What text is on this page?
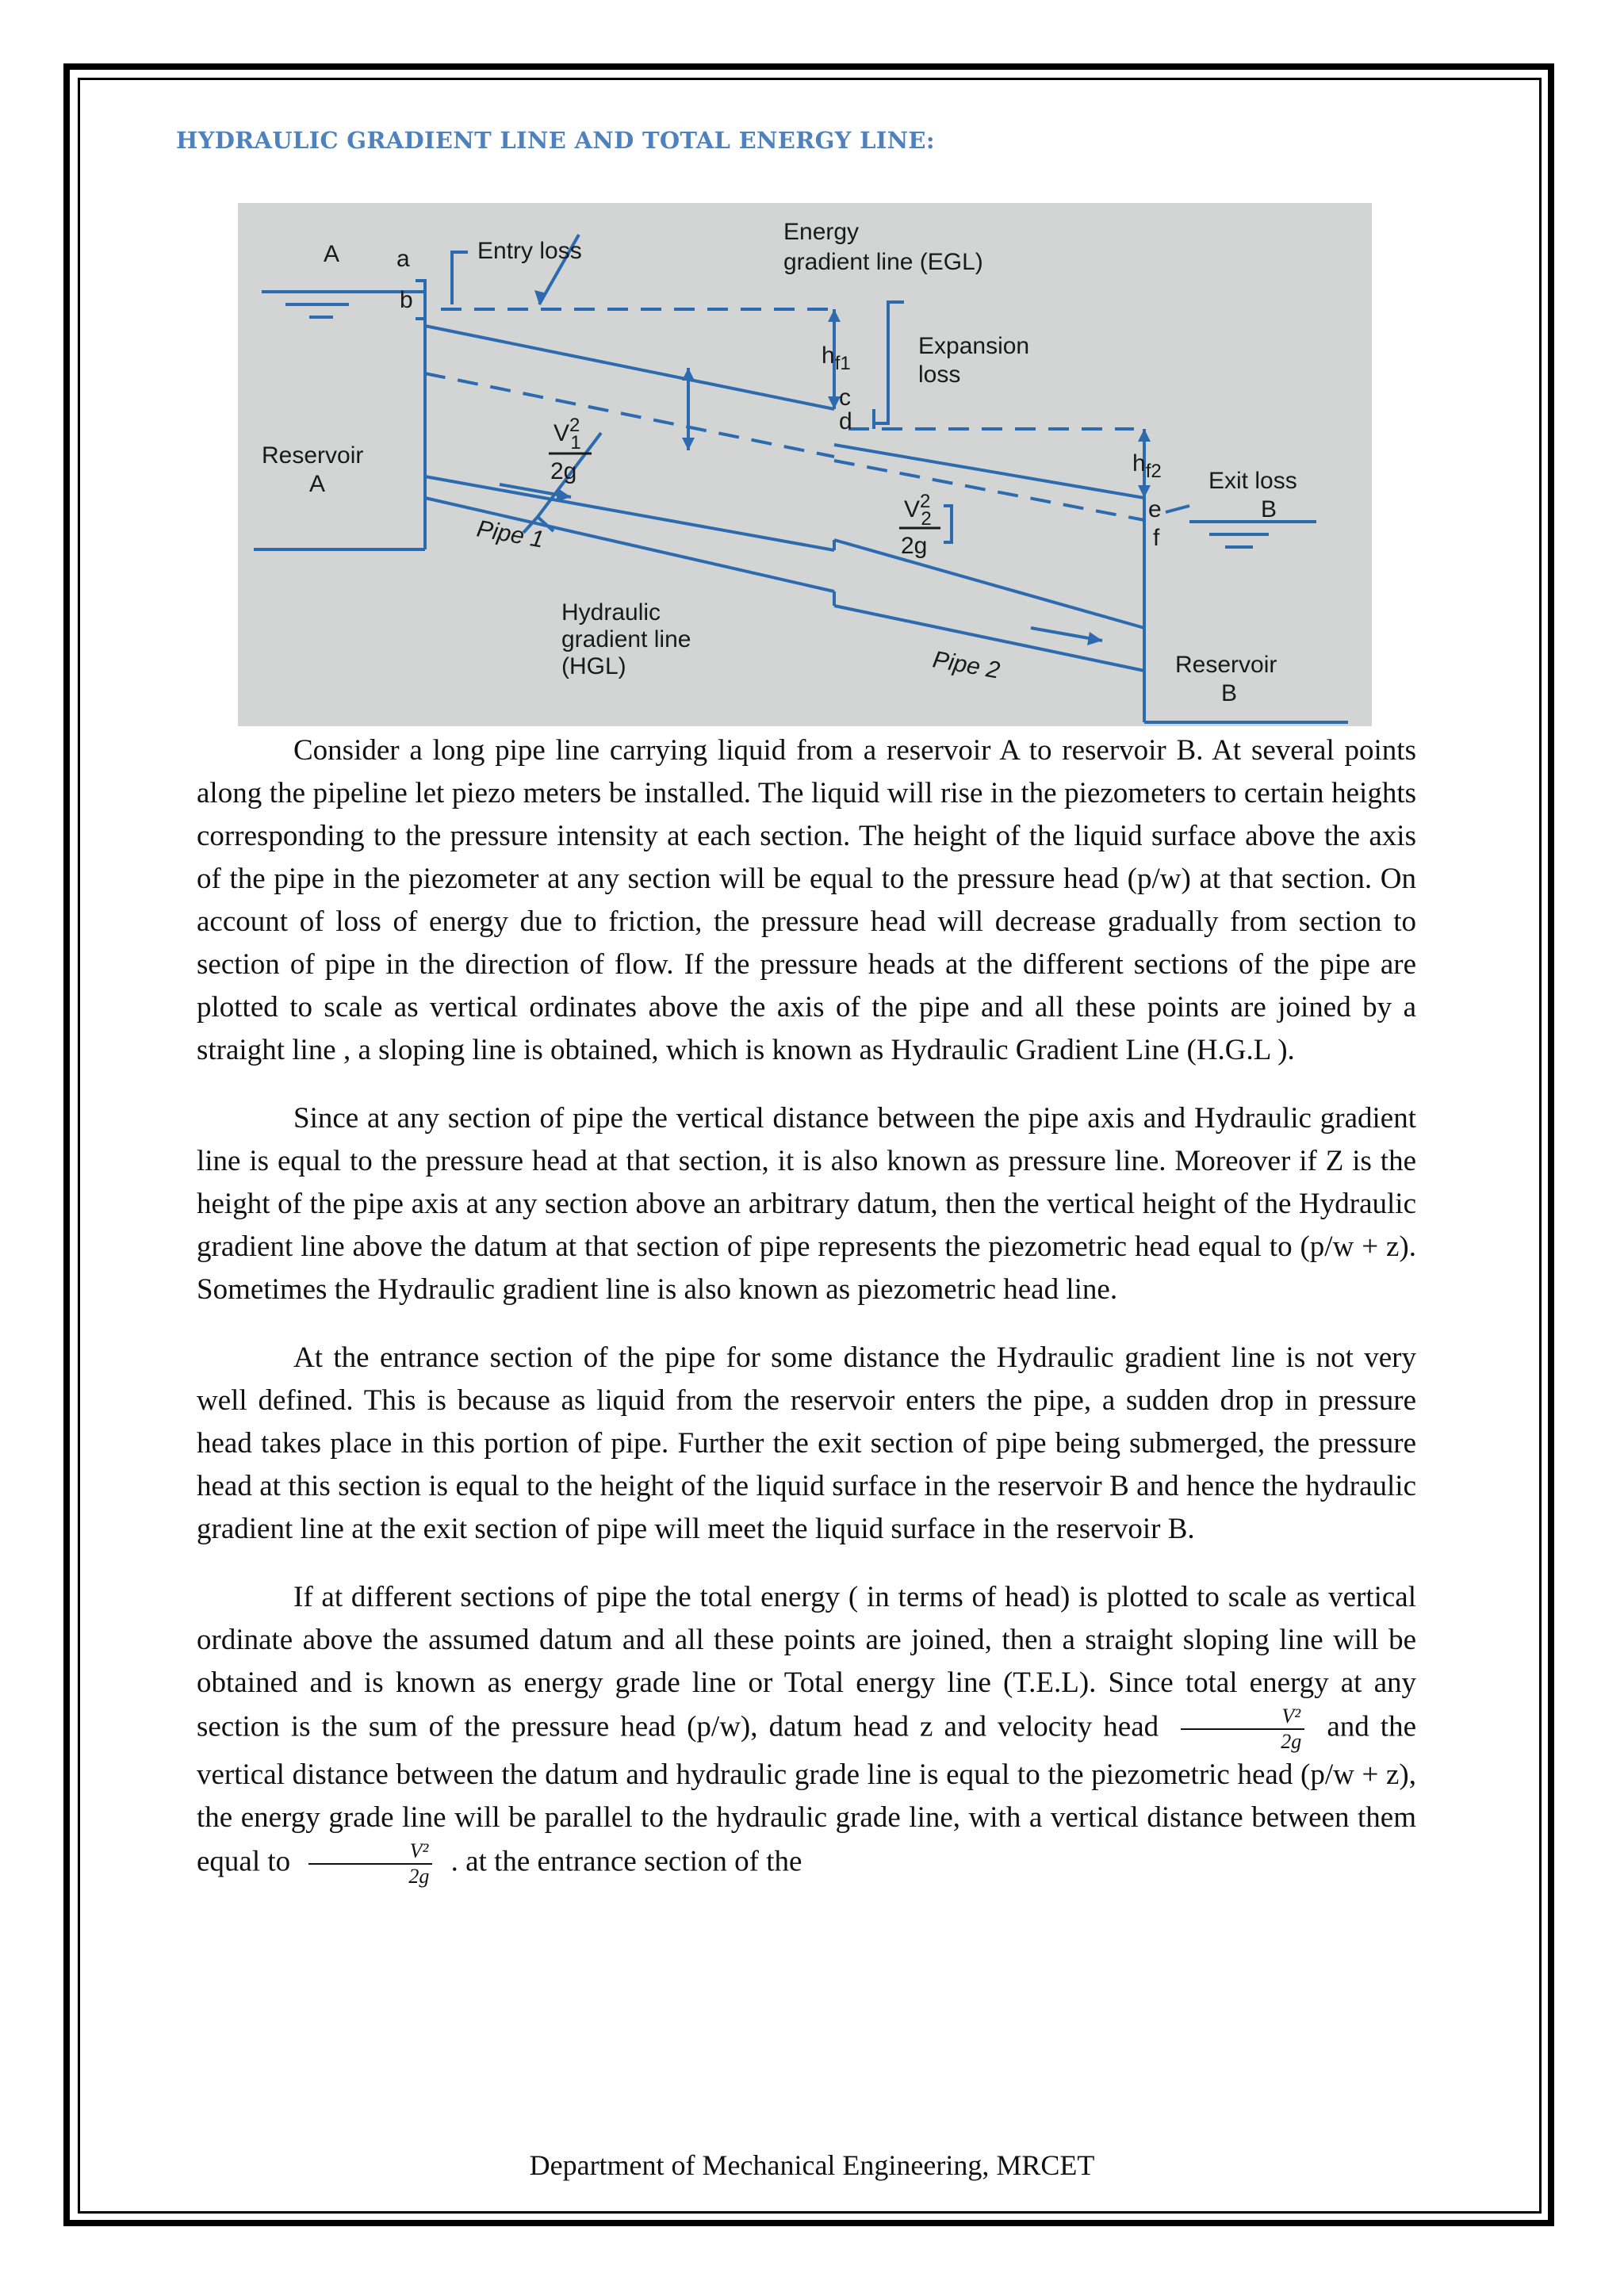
HYDRAULIC GRADIENT LINE AND TOTAL ENERGY LINE:
A a
b
Entry loss
Energy
gradient line (EGL)
$h_{f1}$
c
d
Expansion
loss
Reservoir
A
$V^2$ 1
2g	$h_{f2}$ Exit loss
e	B
f
$V^2$ 2
2g
Pipe 1
Pipe 2
Hydraulic
gradient line
(HGL)	Reservoir
B

Consider a long pipe line carrying liquid from a reservoir A to reservoir B. At several points along the pipeline let piezo meters be installed. The liquid will rise in the piezometers to certain heights corresponding to the pressure intensity at each section. The height of the liquid surface above the axis of the pipe in the piezometer at any section will be equal to the pressure head (p/w) at that section. On account of loss of energy due to friction, the pressure head will decrease gradually from section to section of pipe in the direction of flow. If the pressure heads at the different sections of the pipe are plotted to scale as vertical ordinates above the axis of the pipe and all these points are joined by a straight line , a sloping line is obtained, which is known as Hydraulic Gradient Line (H.G.L ).

Since at any section of pipe the vertical distance between the pipe axis and Hydraulic gradient line is equal to the pressure head at that section, it is also known as pressure line. Moreover if Z is the height of the pipe axis at any section above an arbitrary datum, then the vertical height of the Hydraulic gradient line above the datum at that section of pipe represents the piezometric head equal to (p/w + z). Sometimes the Hydraulic gradient line is also known as piezometric head line.

At the entrance section of the pipe for some distance the Hydraulic gradient line is not very well defined. This is because as liquid from the reservoir enters the pipe, a sudden drop in pressure head takes place in this portion of pipe. Further the exit section of pipe being submerged, the pressure head at this section is equal to the height of the liquid surface in the reservoir B and hence the hydraulic gradient line at the exit section of pipe will meet the liquid surface in the reservoir B.

If at different sections of pipe the total energy ( in terms of head) is plotted to scale as vertical ordinate above the assumed datum and all these points are joined, then a straight sloping line will be obtained and is known as energy grade line or Total energy line (T.E.L). Since total energy at any section is the sum of the pressure head (p/w), datum head z and velocity head $\frac{\text{V²}}{2g}$ and the vertical distance between the datum and hydraulic grade line is equal to the piezometric head (p/w + z), the energy grade line will be parallel to the hydraulic grade line, with a vertical distance between them equal to $\frac{\text{V²}}{2g}$ . at the entrance section of the

Department of Mechanical Engineering, MRCET
